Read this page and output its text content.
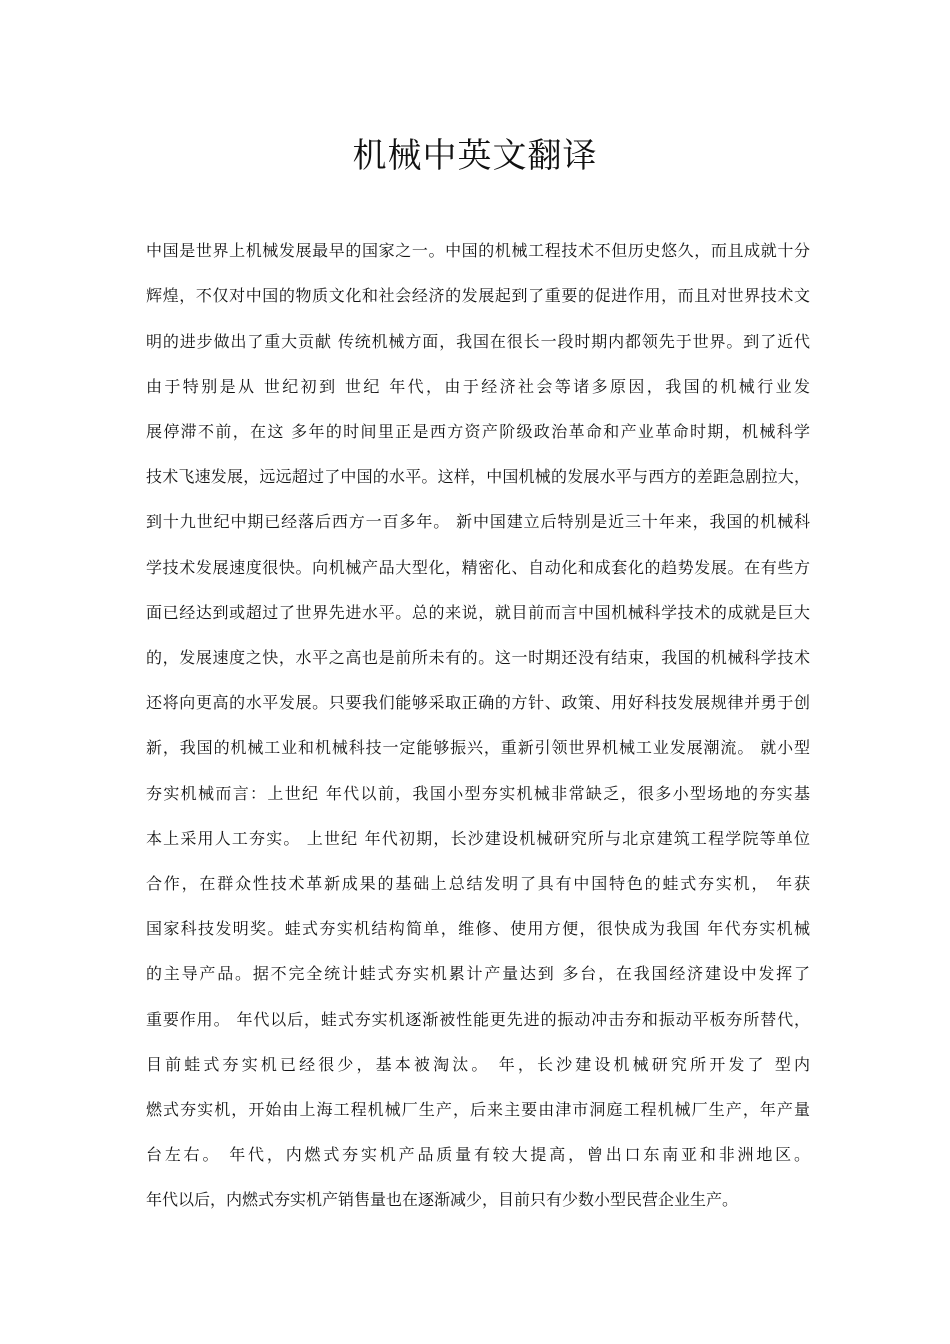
机械中英文翻译
中国是世界上机械发展最早的国家之一。中国的机械工程技术不但历史悠久，而且成就十分
辉煌，不仅对中国的物质文化和社会经济的发展起到了重要的促进作用，而且对世界技术文
明的进步做出了重大贡献 传统机械方面，我国在很长一段时期内都领先于世界。到了近代
由于特别是从 世纪初到 世纪 年代，由于经济社会等诸多原因，我国的机械行业发
展停滞不前，在这 多年的时间里正是西方资产阶级政治革命和产业革命时期，机械科学
技术飞速发展，远远超过了中国的水平。这样，中国机械的发展水平与西方的差距急剧拉大，
到十九世纪中期已经落后西方一百多年。 新中国建立后特别是近三十年来，我国的机械科
学技术发展速度很快。向机械产品大型化，精密化、自动化和成套化的趋势发展。在有些方
面已经达到或超过了世界先进水平。总的来说，就目前而言中国机械科学技术的成就是巨大
的，发展速度之快，水平之高也是前所未有的。这一时期还没有结束，我国的机械科学技术
还将向更高的水平发展。只要我们能够采取正确的方针、政策、用好科技发展规律并勇于创
新，我国的机械工业和机械科技一定能够振兴，重新引领世界机械工业发展潮流。 就小型
夯实机械而言：上世纪 年代以前，我国小型夯实机械非常缺乏，很多小型场地的夯实基
本上采用人工夯实。 上世纪 年代初期，长沙建设机械研究所与北京建筑工程学院等单位
合作，在群众性技术革新成果的基础上总结发明了具有中国特色的蛙式夯实机， 年获
国家科技发明奖。蛙式夯实机结构简单，维修、使用方便，很快成为我国 年代夯实机械
的主导产品。据不完全统计蛙式夯实机累计产量达到 多台，在我国经济建设中发挥了
重要作用。 年代以后，蛙式夯实机逐渐被性能更先进的振动冲击夯和振动平板夯所替代，
目前蛙式夯实机已经很少，基本被淘汰。 年，长沙建设机械研究所开发了 型内
燃式夯实机，开始由上海工程机械厂生产，后来主要由津市洞庭工程机械厂生产，年产量
台左右。 年代，内燃式夯实机产品质量有较大提高，曾出口东南亚和非洲地区。
年代以后，内燃式夯实机产销售量也在逐渐减少，目前只有少数小型民营企业生产。
